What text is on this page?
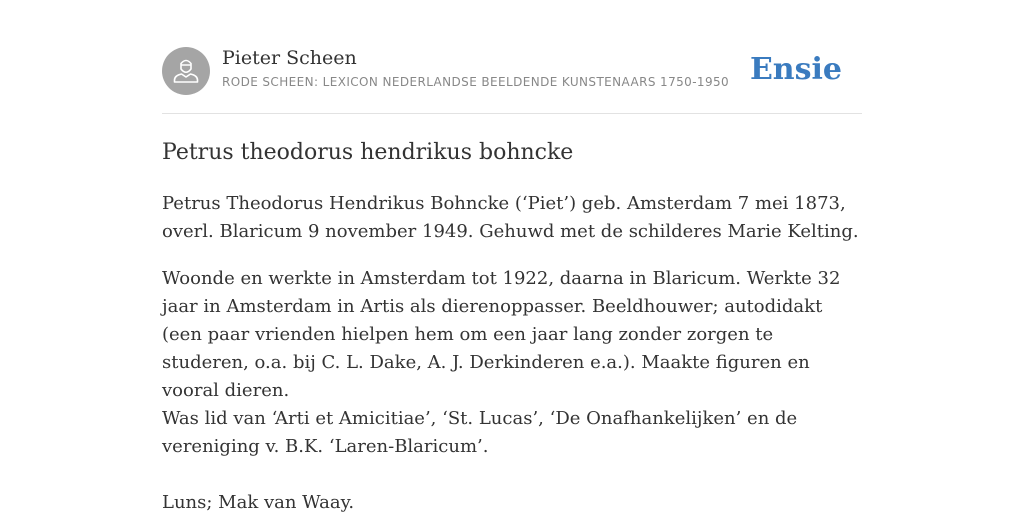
Pieter Scheen
RODE SCHEEN: LEXICON NEDERLANDSE BEELDENDE KUNSTENAARS 1750-1950 Ensie
Petrus theodorus hendrikus bohncke

Petrus Theodorus Hendrikus Bohncke (‘Piet’) geb. Amsterdam 7 mei 1873, overl. Blaricum 9 november 1949. Gehuwd met de schilderes Marie Kelting.

Woonde en werkte in Amsterdam tot 1922, daarna in Blaricum. Werkte 32 jaar in Amsterdam in Artis als dierenoppasser. Beeldhouwer; autodidakt (een paar vrienden hielpen hem om een jaar lang zonder zorgen te studeren, o.a. bij C. L. Dake, A. J. Derkinderen e.a.). Maakte figuren en vooral dieren.

Was lid van ‘Arti et Amicitiae’, ‘St. Lucas’, ‘De Onafhankelijken’ en de vereniging v. B.K. ‘Laren-Blaricum’.

Luns; Mak van Waay.
